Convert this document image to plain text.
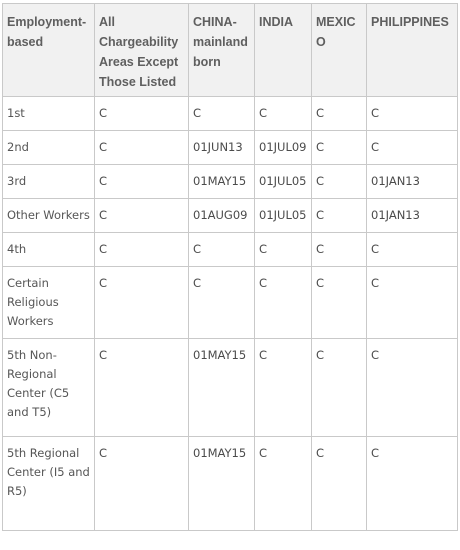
Employment-based	All Chargeability Areas Except Those Listed	CHINA-mainland born	INDIA	MEXICO	PHILIPPINES
1st	C	C	C	C	C
2nd	C	01JUN13	01JUL09	C	C
3rd	C	01MAY15	01JUL05	C	01JAN13
Other Workers	C	01AUG09	01JUL05	C	01JAN13
4th	C	C	C	C	C
Certain Religious Workers	C	C	C	C	C
5th Non-Regional Center (C5 and T5)	C	01MAY15	C	C	C
5th Regional Center (I5 and R5)	C	01MAY15	C	C	C
